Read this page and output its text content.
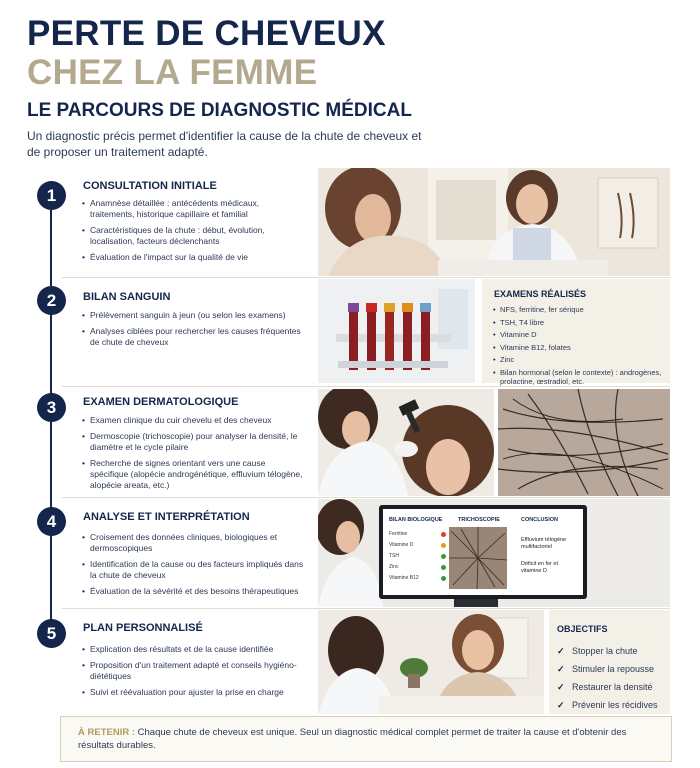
PERTE DE CHEVEUX
CHEZ LA FEMME
LE PARCOURS DE DIAGNOSTIC MÉDICAL
Un diagnostic précis permet d'identifier la cause de la chute de cheveux et de proposer un traitement adapté.
1	CONSULTATION INITIALE
• Anamnèse détaillée : antécédents médicaux, traitements, historique capillaire et familial
• Caractéristiques de la chute : début, évolution, localisation, facteurs déclenchants
• Évaluation de l'impact sur la qualité de vie
2	BILAN SANGUIN
• Prélèvement sanguin à jeun (ou selon les examens)
• Analyses ciblées pour rechercher les causes fréquentes de chute de cheveux
EXAMENS RÉALISÉS
• NFS, ferritine, fer sérique
• TSH, T4 libre
• Vitamine D
• Vitamine B12, folates
• Zinc
• Bilan hormonal (selon le contexte) : androgènes, prolactine, œstradiol, etc.
3	EXAMEN DERMATOLOGIQUE
• Examen clinique du cuir chevelu et des cheveux
• Dermoscopie (trichoscopie) pour analyser la densité, le diamètre et le cycle pilaire
• Recherche de signes orientant vers une cause spécifique (alopécie androgénétique, effluvium télogène, alopécie areata, etc.)
4	ANALYSE ET INTERPRÉTATION
• Croisement des données cliniques, biologiques et dermoscopiques
• Identification de la cause ou des facteurs impliqués dans la chute de cheveux
• Évaluation de la sévérité et des besoins thérapeutiques
BILAN BIOLOGIQUE	TRICHOSCOPIE	CONCLUSION
Ferritine
Vitamine D
TSH
Zinc
Vitamine B12
Effluvium télogène multifactoriel
Déficit en fer et vitamine D
5	PLAN PERSONNALISÉ
• Explication des résultats et de la cause identifiée
• Proposition d'un traitement adapté et conseils hygiéno-diététiques
• Suivi et réévaluation pour ajuster la prise en charge
OBJECTIFS
✓ Stopper la chute
✓ Stimuler la repousse
✓ Restaurer la densité
✓ Prévenir les récidives
À RETENIR : Chaque chute de cheveux est unique. Seul un diagnostic médical complet permet de traiter la cause et d'obtenir des résultats durables.
